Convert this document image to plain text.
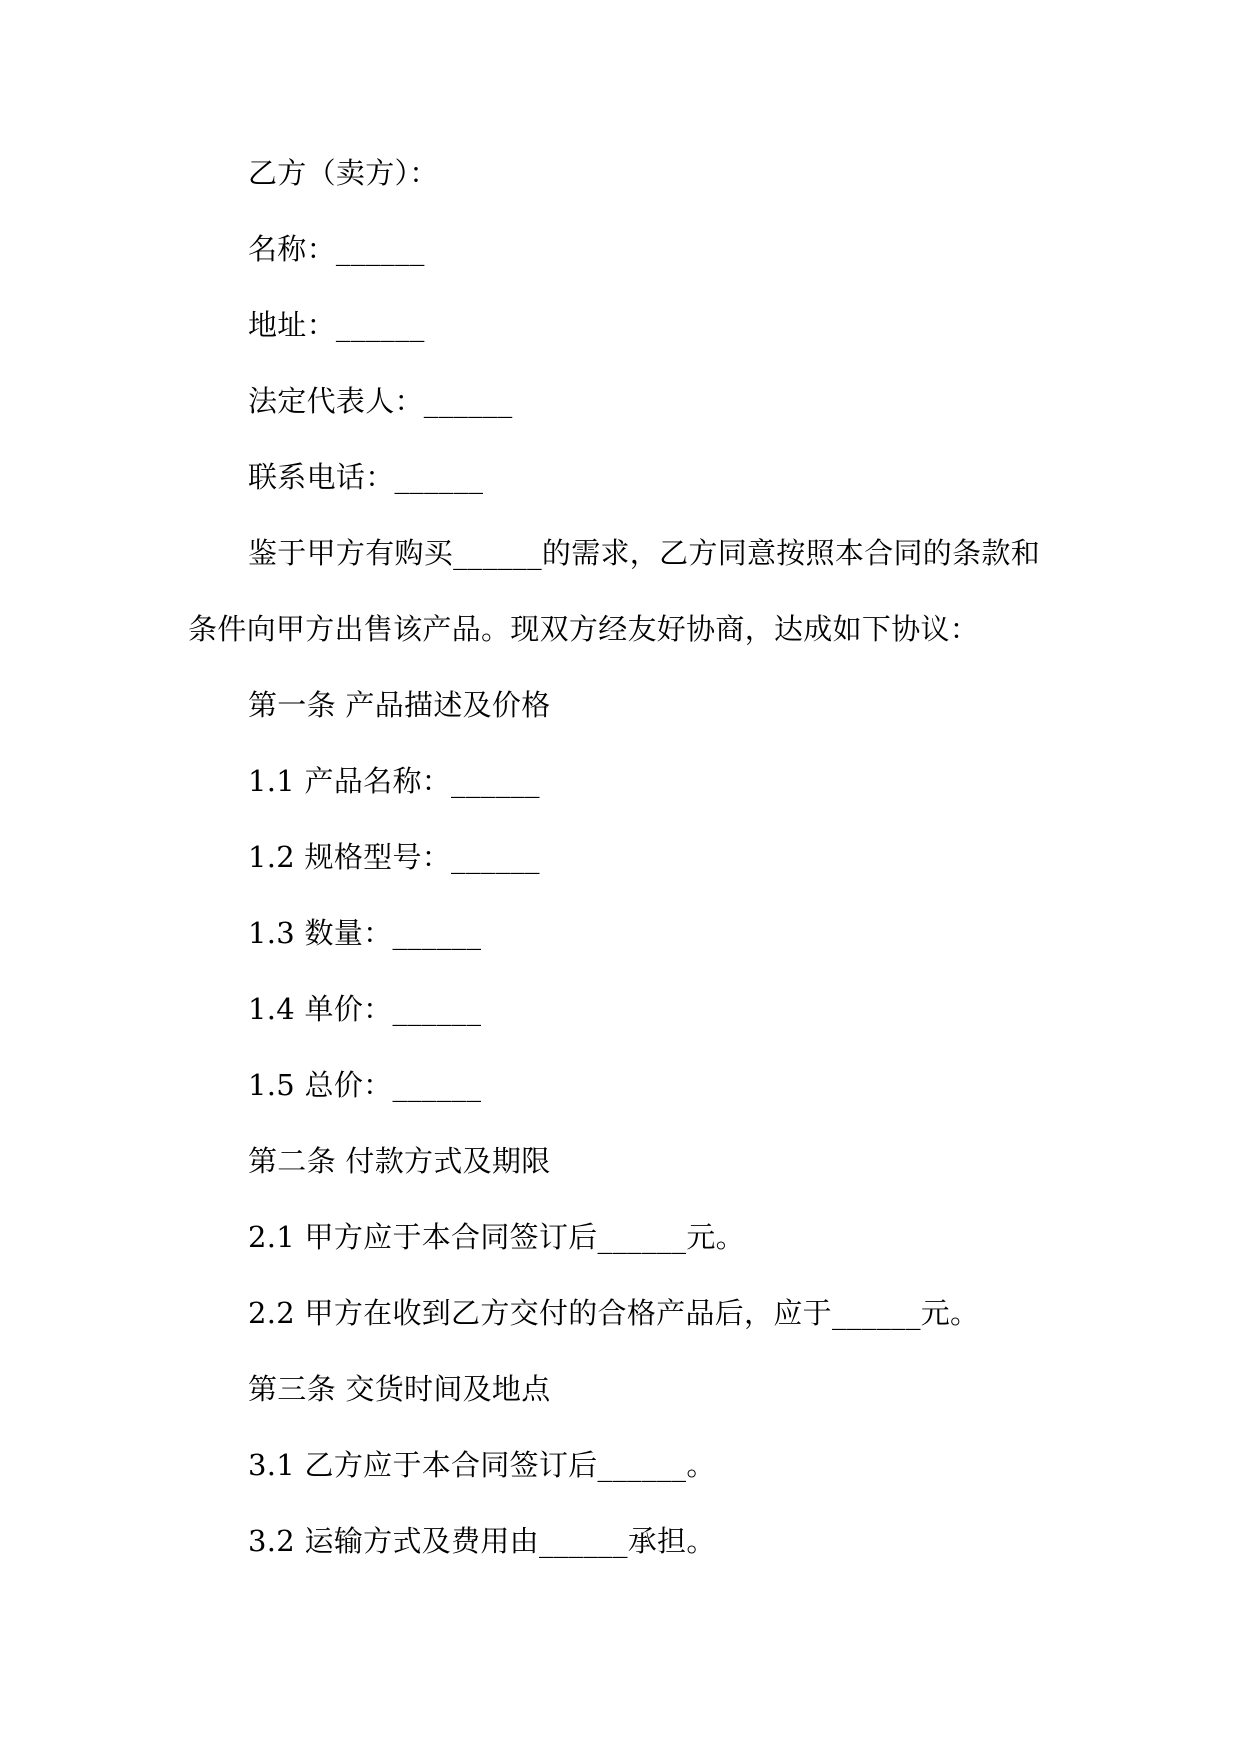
乙方（卖方）：
名称：______
地址：______
法定代表人：______
联系电话：______
鉴于甲方有购买______的需求，乙方同意按照本合同的条款和
条件向甲方出售该产品。现双方经友好协商，达成如下协议：
第一条 产品描述及价格
1.1 产品名称：______
1.2 规格型号：______
1.3 数量：______
1.4 单价：______
1.5 总价：______
第二条 付款方式及期限
2.1 甲方应于本合同签订后______元。
2.2 甲方在收到乙方交付的合格产品后，应于______元。
第三条 交货时间及地点
3.1 乙方应于本合同签订后______。
3.2 运输方式及费用由______承担。
